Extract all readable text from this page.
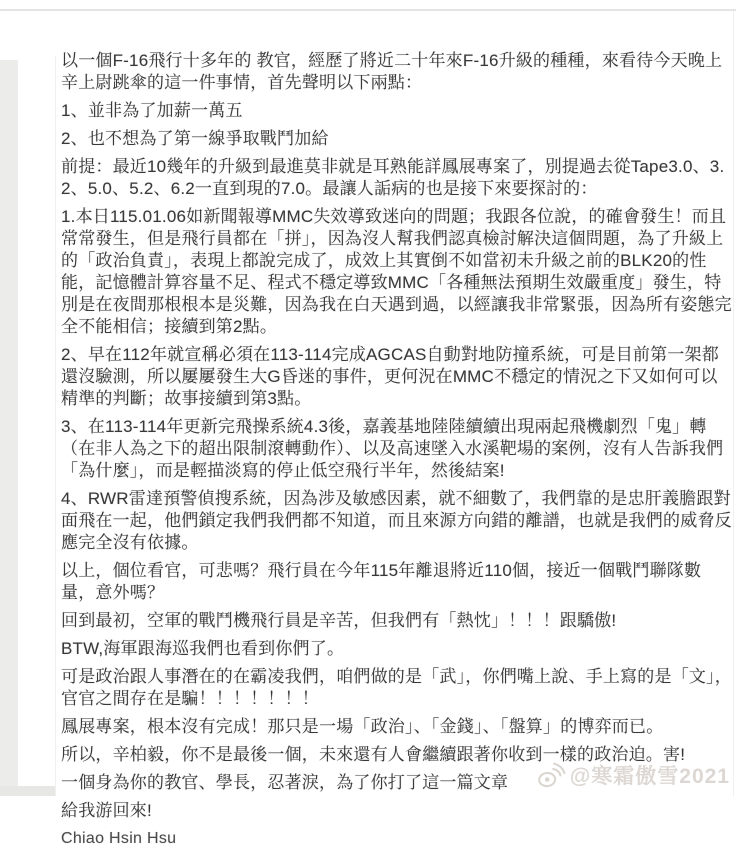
以一個F-16飛行十多年的 教官，經歷了將近二十年來F-16升級的種種，來看待今天晚上辛上尉跳傘的這一件事情，首先聲明以下兩點：

1、並非為了加薪一萬五

2、也不想為了第一線爭取戰鬥加給

前提：最近10幾年的升級到最進莫非就是耳熟能詳鳳展專案了，別提過去從Tape3.0、3.2、5.0、5.2、6.2一直到現的7.0。最讓人詬病的也是接下來要探討的：

1.本日115.01.06如新聞報導MMC失效導致迷向的問題；我跟各位說，的確會發生！而且常常發生，但是飛行員都在「拼」，因為沒人幫我們認真檢討解決這個問題，為了升級上的「政治負責」，表現上都說完成了，成效上其實倒不如當初未升級之前的BLK20的性能，記憶體計算容量不足、程式不穩定導致MMC「各種無法預期生效嚴重度」發生，特別是在夜間那根根本是災難，因為我在白天遇到過，以經讓我非常緊張，因為所有姿態完全不能相信；接續到第2點。

2、早在112年就宣稱必須在113-114完成AGCAS自動對地防撞系統，可是目前第一架都還沒驗測，所以屢屢發生大G昏迷的事件，更何況在MMC不穩定的情況之下又如何可以精準的判斷；故事接續到第3點。

3、在113-114年更新完飛操系統4.3後，嘉義基地陸陸續續出現兩起飛機劇烈「鬼」轉（在非人為之下的超出限制滾轉動作）、以及高速墜入水溪靶場的案例，沒有人告訴我們「為什麼」，而是輕描淡寫的停止低空飛行半年，然後結案!

4、RWR雷達預警偵搜系統，因為涉及敏感因素，就不細數了，我們靠的是忠肝義膽跟對面飛在一起，他們鎖定我們我們都不知道，而且來源方向錯的離譜，也就是我們的威脅反應完全沒有依據。

以上，個位看官，可悲嗎？飛行員在今年115年離退將近110個，接近一個戰鬥聯隊數量，意外嗎？

回到最初，空軍的戰鬥機飛行員是辛苦，但我們有「熱忱」！！！跟驕傲!

BTW,海軍跟海巡我們也看到你們了。

可是政治跟人事潛在的在霸凌我們，咱們做的是「武」，你們嘴上說、手上寫的是「文」，官官之間存在是騙！！！！！！！

鳳展專案，根本沒有完成！那只是一場「政治」、「金錢」、「盤算」的博弈而已。

所以，辛柏毅，你不是最後一個，未來還有人會繼續跟著你收到一樣的政治迫。害!

一個身為你的教官、學長，忍著淚，為了你打了這一篇文章

給我游回來!

Chiao Hsin Hsu

@寒霜傲雪2021
